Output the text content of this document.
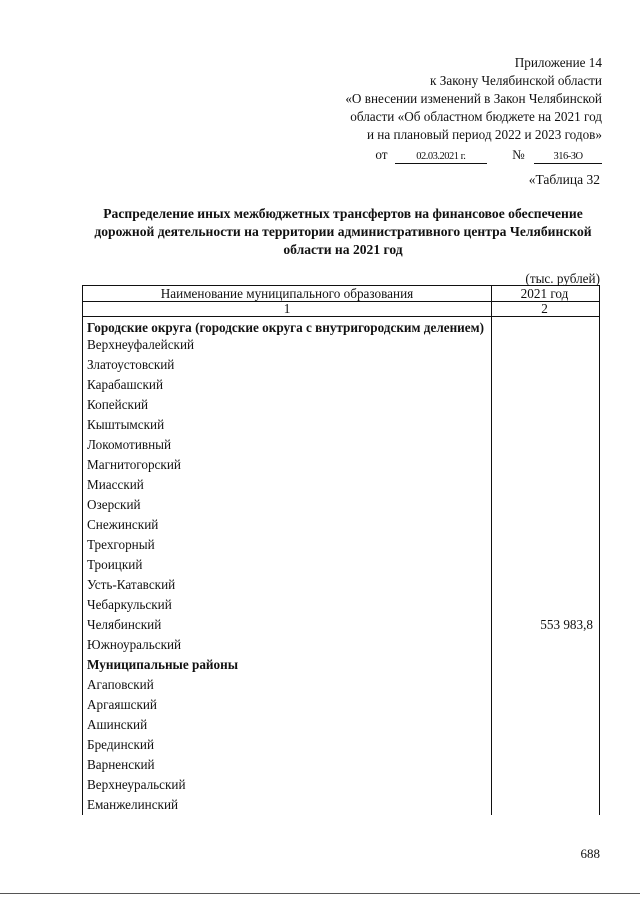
Приложение 14
к Закону Челябинской области
«О внесении изменений в Закон Челябинской
области «Об областном бюджете на 2021 год
и на плановый период 2022 и 2023 годов»
от	02.03.2021 г.	№	316-ЗО
«Таблица 32
Распределение иных межбюджетных трансфертов на финансовое обеспечение дорожной деятельности на территории административного центра Челябинской области на 2021 год
(тыс. рублей)
Наименование муниципального образования	2021 год
1	2
Городские округа (городские округа с внутригородским делением)	
Верхнеуфалейский	
Златоустовский	
Карабашский	
Копейский	
Кыштымский	
Локомотивный	
Магнитогорский	
Миасский	
Озерский	
Снежинский	
Трехгорный	
Троицкий	
Усть-Катавский	
Чебаркульский	
Челябинский	553 983,8
Южноуральский	
Муниципальные районы	
Агаповский	
Аргаяшский	
Ашинский	
Брединский	
Варненский	
Верхнеуральский	
Еманжелинский	
688
